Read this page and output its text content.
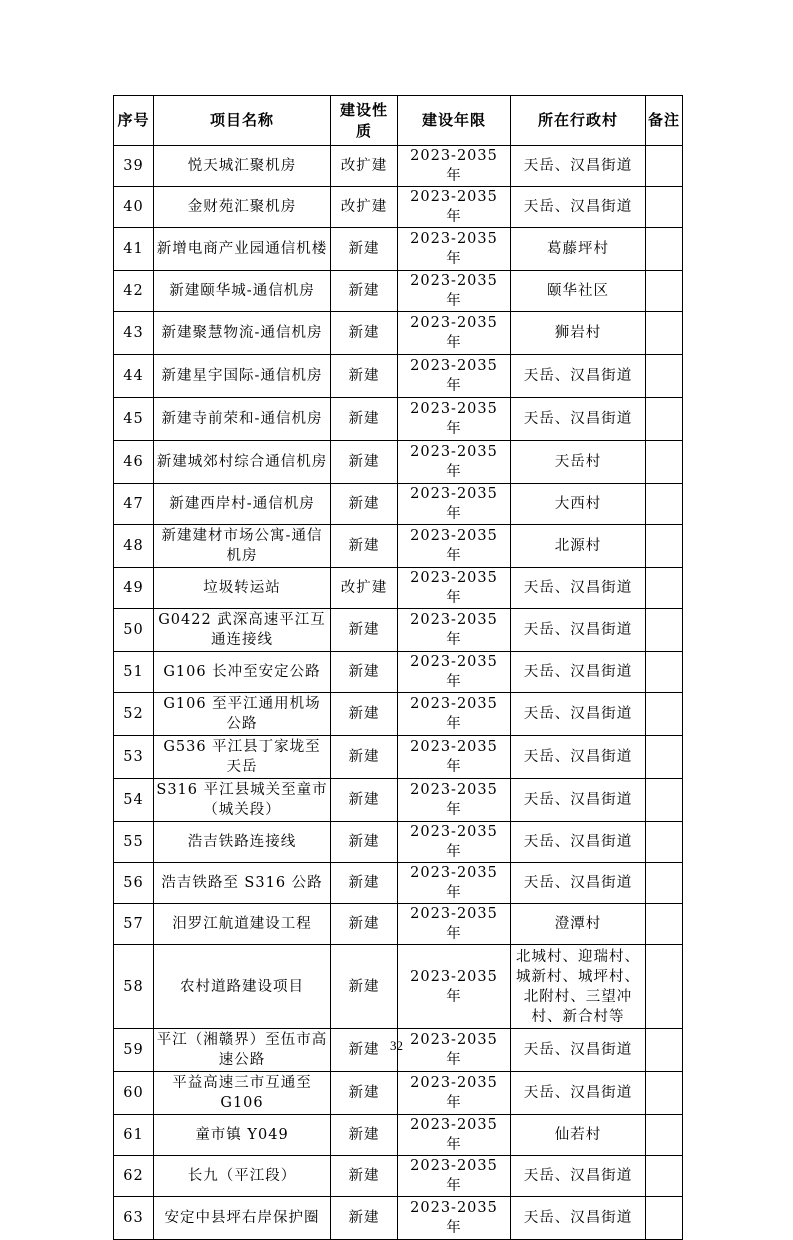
序号	项目名称	建设性质	建设年限	所在行政村	备注
39	悦天城汇聚机房	改扩建	2023-2035 年	天岳、汉昌街道	
40	金财苑汇聚机房	改扩建	2023-2035 年	天岳、汉昌街道	
41	新增电商产业园通信机楼	新建	2023-2035 年	葛藤坪村	
42	新建颐华城-通信机房	新建	2023-2035 年	颐华社区	
43	新建聚慧物流-通信机房	新建	2023-2035 年	狮岩村	
44	新建星宇国际-通信机房	新建	2023-2035 年	天岳、汉昌街道	
45	新建寺前荣和-通信机房	新建	2023-2035 年	天岳、汉昌街道	
46	新建城郊村综合通信机房	新建	2023-2035 年	天岳村	
47	新建西岸村-通信机房	新建	2023-2035 年	大西村	
48	新建建材市场公寓-通信机房	新建	2023-2035 年	北源村	
49	垃圾转运站	改扩建	2023-2035 年	天岳、汉昌街道	
50	G0422 武深高速平江互通连接线	新建	2023-2035 年	天岳、汉昌街道	
51	G106 长冲至安定公路	新建	2023-2035 年	天岳、汉昌街道	
52	G106 至平江通用机场公路	新建	2023-2035 年	天岳、汉昌街道	
53	G536 平江县丁家垅至天岳	新建	2023-2035 年	天岳、汉昌街道	
54	S316 平江县城关至童市（城关段）	新建	2023-2035 年	天岳、汉昌街道	
55	浩吉铁路连接线	新建	2023-2035 年	天岳、汉昌街道	
56	浩吉铁路至 S316 公路	新建	2023-2035 年	天岳、汉昌街道	
57	汨罗江航道建设工程	新建	2023-2035 年	澄潭村	
58	农村道路建设项目	新建	2023-2035 年	北城村、迎瑞村、城新村、城坪村、北附村、三望冲村、新合村等	
59	平江（湘赣界）至伍市高速公路	新建	2023-2035 年	天岳、汉昌街道	
60	平益高速三市互通至 G106	新建	2023-2035 年	天岳、汉昌街道	
61	童市镇 Y049	新建	2023-2035 年	仙若村	
62	长九（平江段）	新建	2023-2035 年	天岳、汉昌街道	
63	安定中县坪右岸保护圈	新建	2023-2035 年	天岳、汉昌街道	
32
